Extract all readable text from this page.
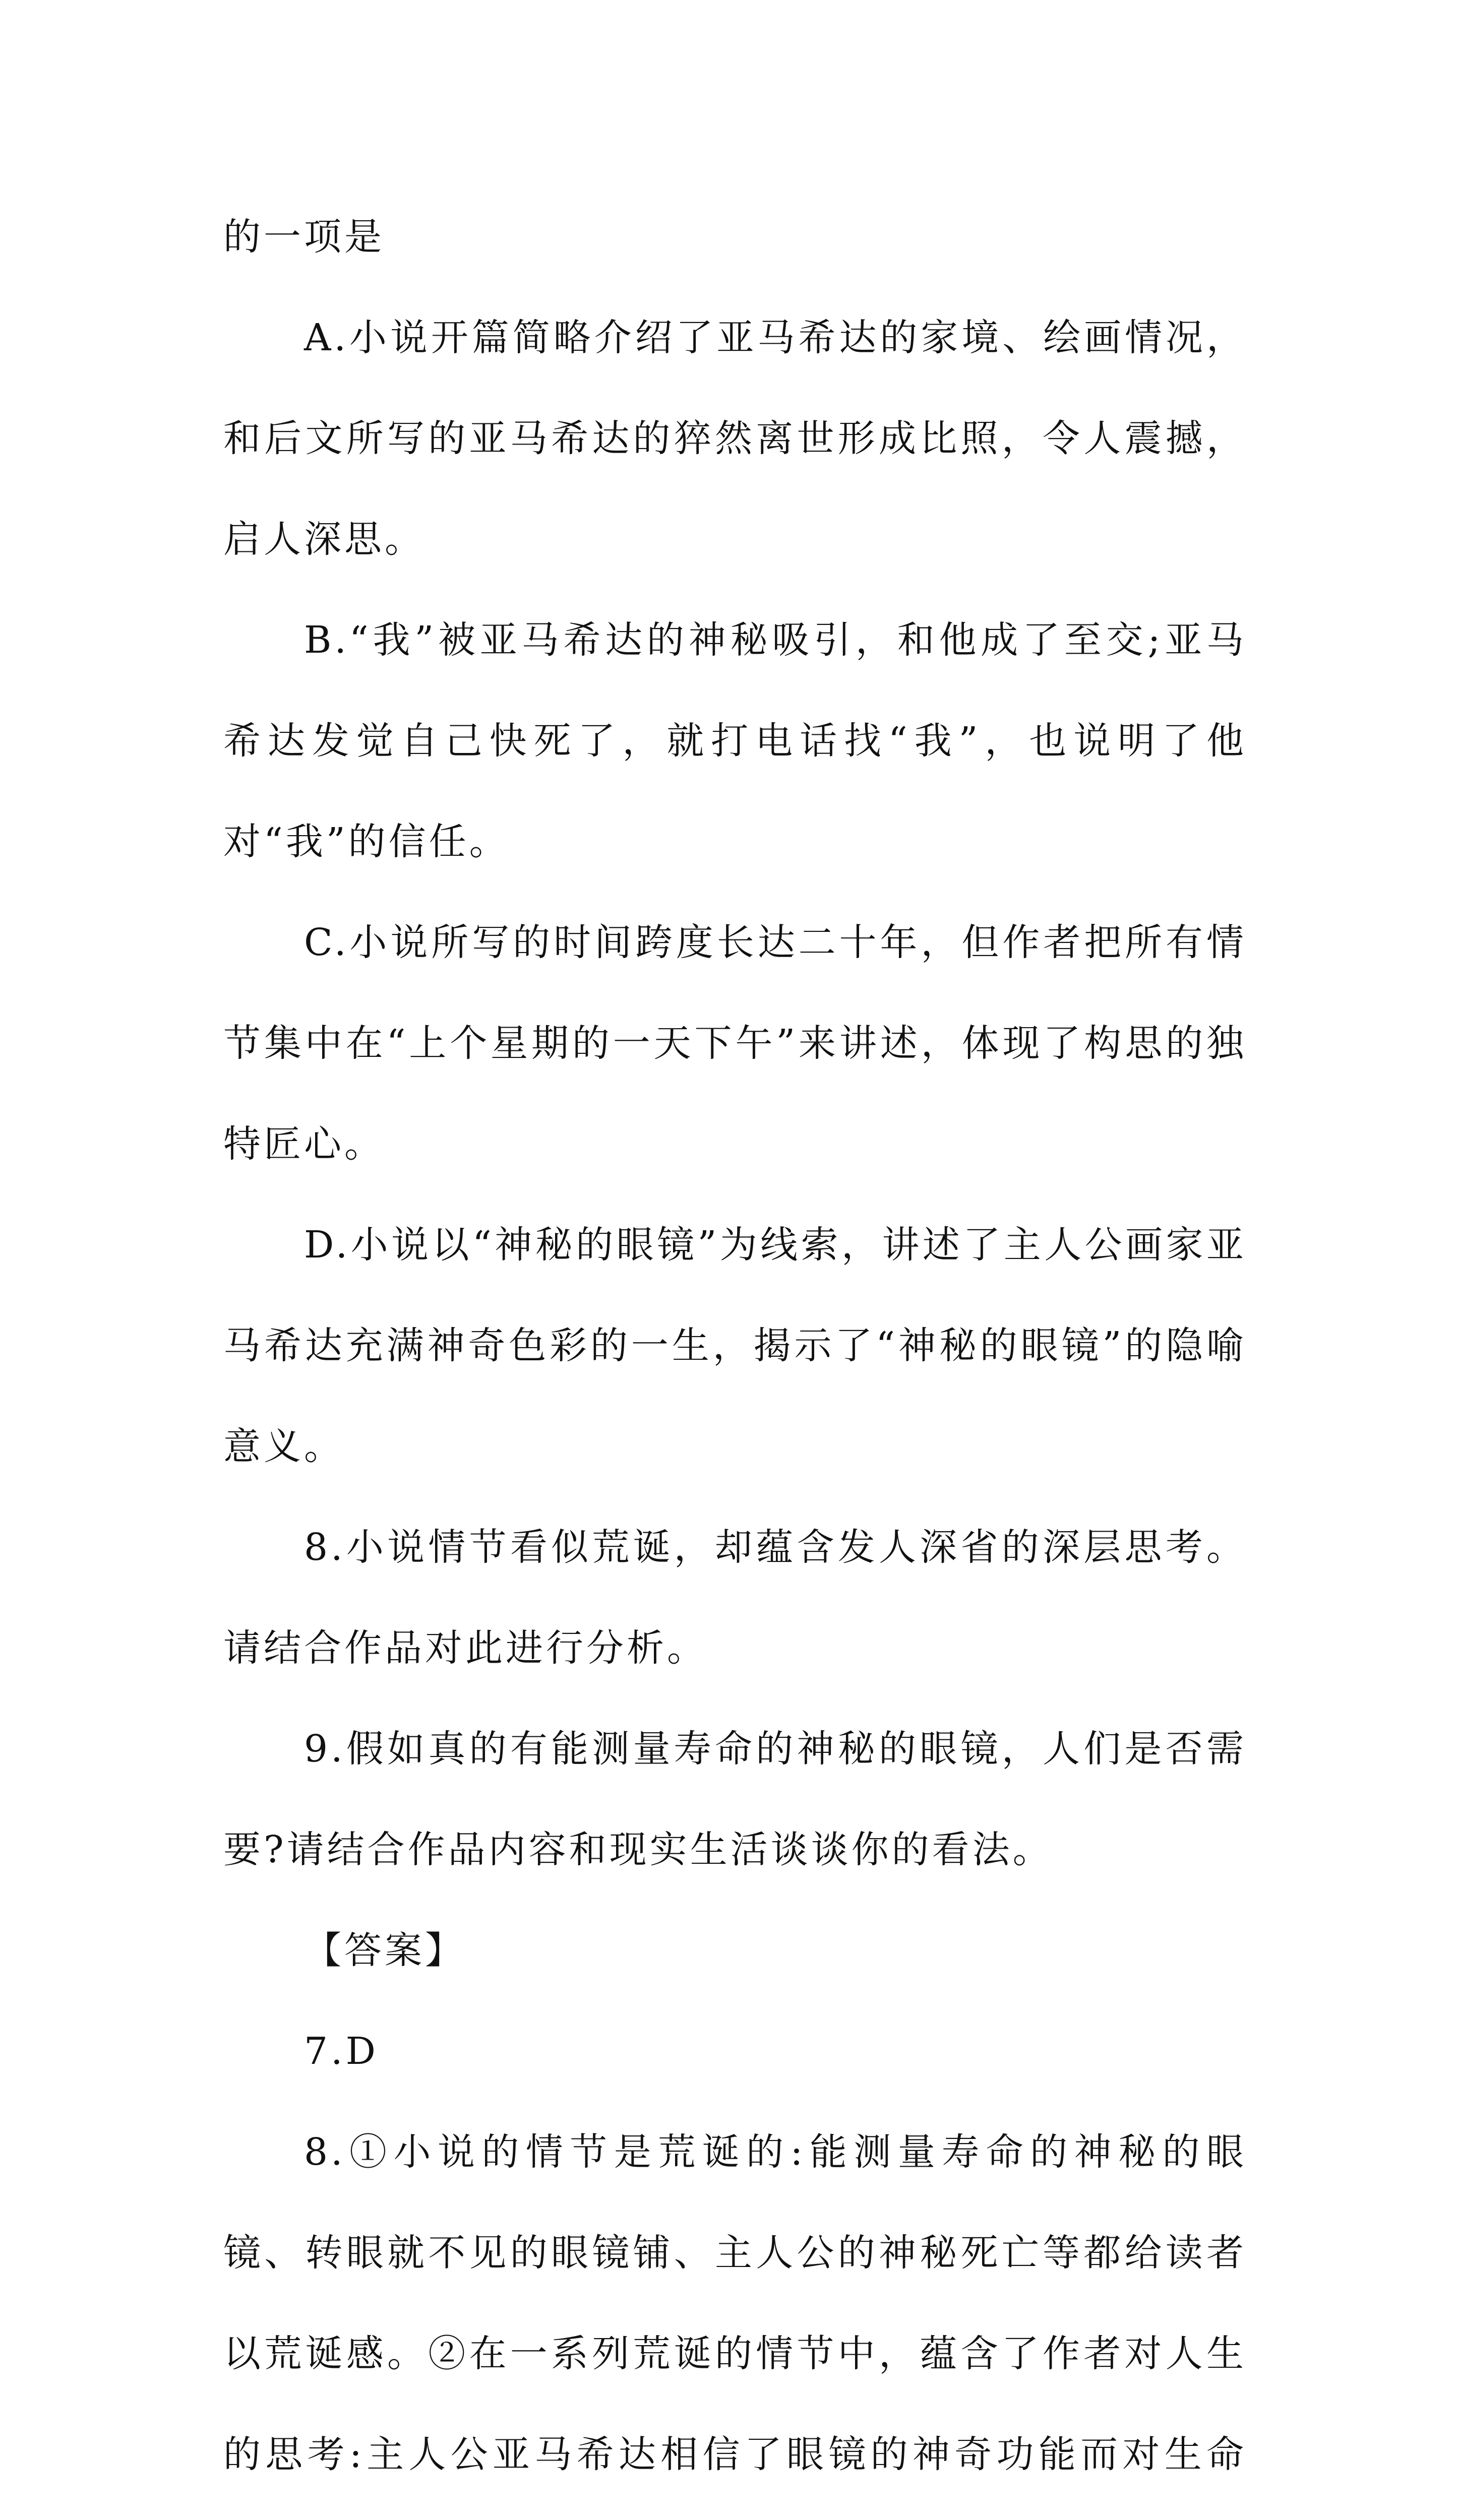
的一项是

A.小说开篇简略介绍了亚马希达的家境、绘画情况，和后文所写的亚马希达的猝然离世形成比照，令人震撼，启人深思。

B.“我”被亚马希达的神秘吸引，和他成了至交;亚马希达发觉自己快死了，就打电话找“我”，也说明了他对“我”的信任。

C.小说所写的时间跨度长达二十年，但作者把所有情节集中在“上个星期的一天下午”来讲述，体现了构思的独特匠心。

D.小说以“神秘的眼镜”为线索，讲述了主人公画家亚马希达充满神奇色彩的一生，揭示了“神秘的眼镜”的隐喻意义。

8.小说情节看似荒诞，却蕴含发人深省的深层思考。请结合作品对此进行分析。

9.假如真的有能测量寿命的神秘的眼镜，人们是否需要?请结合作品内容和现实生活谈谈你的看法。

【答案】

7.D

8.①小说的情节是荒诞的:能测量寿命的神秘的眼镜、转眼就不见的眼镜铺、主人公的神秘死亡等都给读者以荒诞感。②在一系列荒诞的情节中，蕴含了作者对人生的思考:主人公亚马希达相信了眼镜的神奇功能而对生命
